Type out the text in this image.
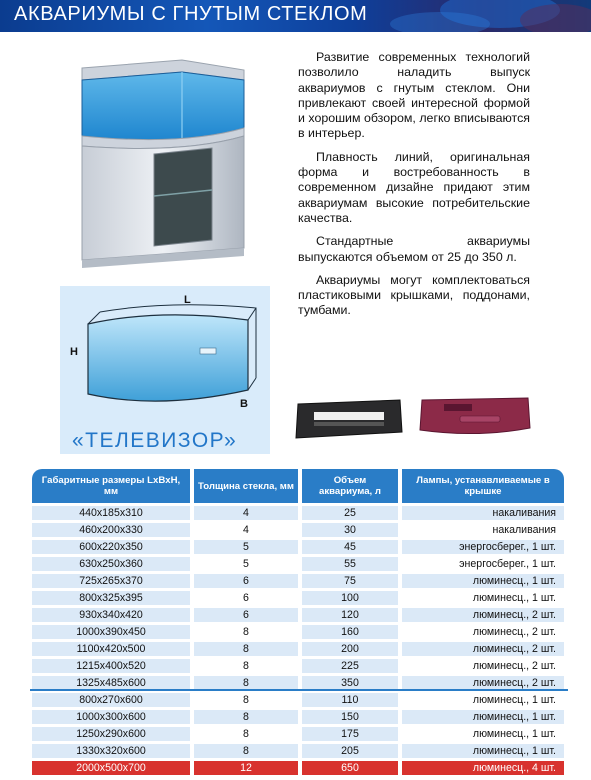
АКВАРИУМЫ С ГНУТЫМ СТЕКЛОМ
L
H
B
«ТЕЛЕВИЗОР»

Развитие современных технологий позволило наладить выпуск аквариумов с гнутым стеклом. Они привлекают своей интересной формой и хорошим обзором, легко вписываются в интерьер.

Плавность линий, оригинальная форма и востребованность в современном дизайне придают этим аквариумам высокие потребительские качества.

Стандартные аквариумы выпускаются объемом от 25 до 350 л.

Аквариумы могут комплектоваться пластиковыми крышками, поддонами, тумбами.

Габаритные размеры LxBxH, мм	Толщина стекла, мм	Объем аквариума, л	Лампы, устанавливаемые в крышке
440х185х310	4	25	накаливания
460х200х330	4	30	накаливания
600х220х350	5	45	энергосберег., 1 шт.
630х250х360	5	55	энергосберег., 1 шт.
725х265х370	6	75	люминесц., 1 шт.
800х325х395	6	100	люминесц., 1 шт.
930х340х420	6	120	люминесц., 2 шт.
1000х390х450	8	160	люминесц., 2 шт.
1100х420х500	8	200	люминесц., 2 шт.
1215х400х520	8	225	люминесц., 2 шт.
1325х485х600	8	350	люминесц., 2 шт.
800х270х600	8	110	люминесц., 1 шт.
1000х300х600	8	150	люминесц., 1 шт.
1250х290х600	8	175	люминесц., 1 шт.
1330х320х600	8	205	люминесц., 1 шт.
2000х500х700	12	650	люминесц., 4 шт.
